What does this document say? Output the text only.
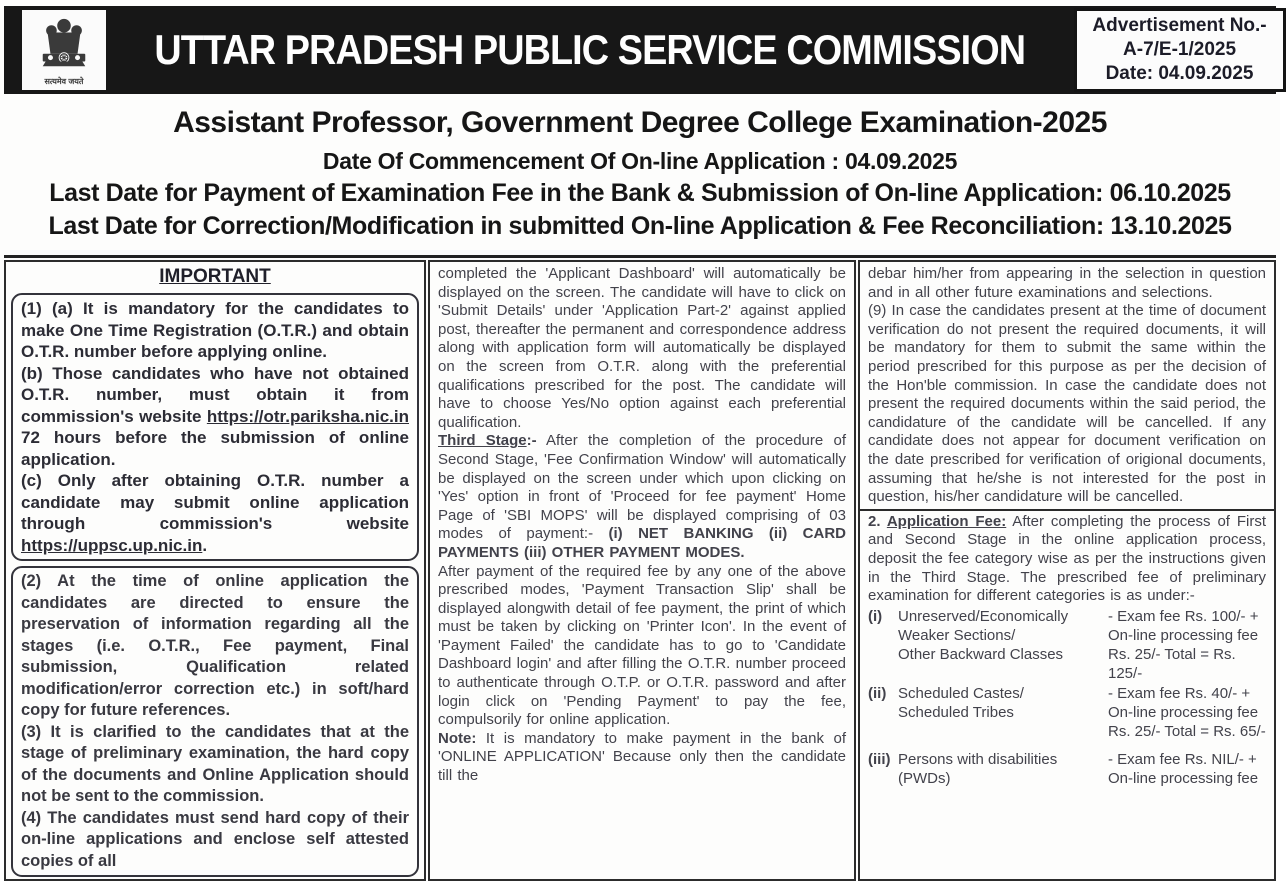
सत्यमेव जयते
UTTAR PRADESH PUBLIC SERVICE COMMISSION
Advertisement No.-
A-7/E-1/2025
Date: 04.09.2025
Assistant Professor, Government Degree College Examination-2025
Date Of Commencement Of On-line Application : 04.09.2025
Last Date for Payment of Examination Fee in the Bank & Submission of On-line Application: 06.10.2025
Last Date for Correction/Modification in submitted On-line Application & Fee Reconciliation: 13.10.2025
IMPORTANT

(1) (a) It is mandatory for the candidates to make One Time Registration (O.T.R.) and obtain O.T.R. number before applying online.

(b) Those candidates who have not obtained O.T.R. number, must obtain it from commission's website https://otr.pariksha.nic.in 72 hours before the submission of online application.

(c) Only after obtaining O.T.R. number a candidate may submit online application through commission's website https://uppsc.up.nic.in.

(2) At the time of online application the candidates are directed to ensure the preservation of information regarding all the stages (i.e. O.T.R., Fee payment, Final submission, Qualification related modification/error correction etc.) in soft/hard copy for future references.

(3) It is clarified to the candidates that at the stage of preliminary examination, the hard copy of the documents and Online Application should not be sent to the commission.

(4) The candidates must send hard copy of their on-line applications and enclose self attested copies of all

completed the 'Applicant Dashboard' will automatically be displayed on the screen. The candidate will have to click on 'Submit Details' under 'Application Part-2' against applied post, thereafter the permanent and correspondence address along with application form will automatically be displayed on the screen from O.T.R. along with the preferential qualifications prescribed for the post. The candidate will have to choose Yes/No option against each preferential qualification.

Third Stage:- After the completion of the procedure of Second Stage, 'Fee Confirmation Window' will automatically be displayed on the screen under which upon clicking on 'Yes' option in front of 'Proceed for fee payment' Home Page of 'SBI MOPS' will be displayed comprising of 03 modes of payment:- (i) NET BANKING (ii) CARD PAYMENTS (iii) OTHER PAYMENT MODES.

After payment of the required fee by any one of the above prescribed modes, 'Payment Transaction Slip' shall be displayed alongwith detail of fee payment, the print of which must be taken by clicking on 'Printer Icon'. In the event of 'Payment Failed' the candidate has to go to 'Candidate Dashboard login' and after filling the O.T.R. number proceed to authenticate through O.T.P. or O.T.R. password and after login click on 'Pending Payment' to pay the fee, compulsorily for online application.

Note: It is mandatory to make payment in the bank of 'ONLINE APPLICATION' Because only then the candidate till the

debar him/her from appearing in the selection in question and in all other future examinations and selections.

(9) In case the candidates present at the time of document verification do not present the required documents, it will be mandatory for them to submit the same within the period prescribed for this purpose as per the decision of the Hon'ble commission. In case the candidate does not present the required documents within the said period, the candidature of the candidate will be cancelled. If any candidate does not appear for document verification on the date prescribed for verification of origional documents, assuming that he/she is not interested for the post in question, his/her candidature will be cancelled.

2. Application Fee: After completing the process of First and Second Stage in the online application process, deposit the fee category wise as per the instructions given in the Third Stage. The prescribed fee of preliminary examination for different categories is as under:-

(i)	Unreserved/Economically
Weaker Sections/
Other Backward Classes
- Exam fee Rs. 100/- +
On-line processing fee
Rs. 25/- Total = Rs. 125/-
(ii) Scheduled Castes/
Scheduled Tribes
- Exam fee Rs. 40/- +
On-line processing fee
Rs. 25/- Total = Rs. 65/-
(iii) Persons with disabilities
(PWDs)
- Exam fee Rs. NIL/- +
On-line processing fee
